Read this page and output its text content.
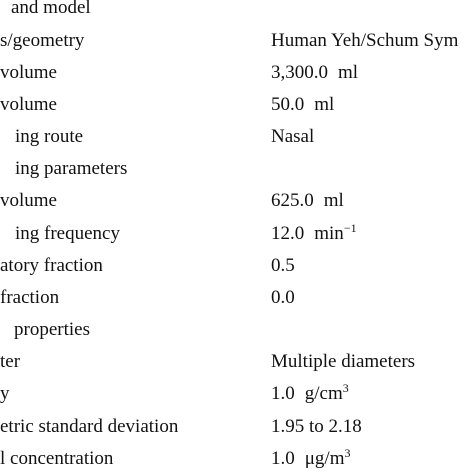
and model
s/geometry	Human Yeh/Schum Sym
volume	3,300.0 ml
volume	50.0 ml
ing route	Nasal
ing parameters
volume	625.0 ml
ing frequency	12.0 $\min^{-1}$
atory fraction	0.5
fraction	0.0
properties
ter	Multiple diameters
y	1.0 $g/cm^3$
etric standard deviation	1.95 to 2.18
l concentration	1.0 $\mu g/m^3$
